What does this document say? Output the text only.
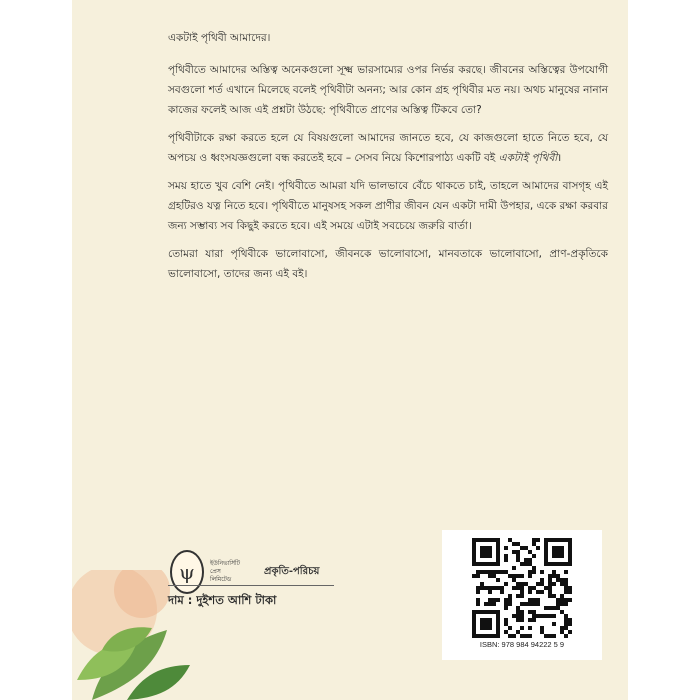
একটাই পৃথিবী আমাদের।

পৃথিবীতে আমাদের অস্তিত্ব অনেকগুলো সূক্ষ্ম ভারসাম্যের ওপর নির্ভর করছে। জীবনের অস্তিত্বের উপযোগী সবগুলো শর্ত এখানে মিলেছে বলেই পৃথিবীটা অনন্য; আর কোন গ্রহ পৃথিবীর মত নয়। অথচ মানুষের নানান কাজের ফলেই আজ এই প্রশ্নটা উঠছে: পৃথিবীতে প্রাণের অস্তিত্ব টিকবে তো?

পৃথিবীটাকে রক্ষা করতে হলে যে বিষয়গুলো আমাদের জানতে হবে, যে কাজগুলো হাতে নিতে হবে, যে অপচয় ও ধ্বংসযজ্ঞগুলো বন্ধ করতেই হবে – সেসব নিয়ে কিশোরপাঠ্য একটি বই একটাই পৃথিবী।

সময় হাতে খুব বেশি নেই। পৃথিবীতে আমরা যদি ভালভাবে বেঁচে থাকতে চাই, তাহলে আমাদের বাসগৃহ এই গ্রহটিরও যত্ন নিতে হবে। পৃথিবীতে মানুষসহ সকল প্রাণীর জীবন যেন একটা দামী উপহার, একে রক্ষা করবার জন্য সম্ভাব্য সব কিছুই করতে হবে। এই সময়ে এটাই সবচেয়ে জরুরি বার্তা।

তোমরা যারা পৃথিবীকে ভালোবাসো, জীবনকে ভালোবাসো, মানবতাকে ভালোবাসো, প্রাণ-প্রকৃতিকে ভালোবাসো, তাদের জন্য এই বই।

ψ	ইউনিভার্সিটি
প্রেস
লিমিটেড
প্রকৃতি-পরিচয়
দাম : দুইশত আশি টাকা
ISBN: 978 984 94222 5 9
